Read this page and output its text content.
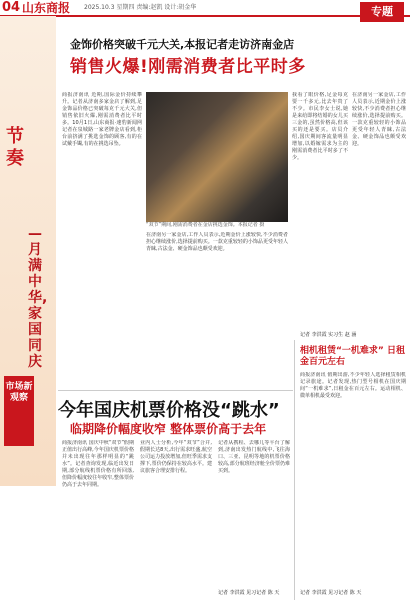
04 山东商报 2025.10.3 星期四 责编:赵凯 设计:胡金华	专题
节 奏
—月满中华,家国同庆
市场新观察
金饰价格突破千元大关,本报记者走访济南金店
销售火爆!刚需消费者比平时多
商报济南讯 近期,国际金价持续攀升。记者从济南多家金店了解到,足金饰品价格已突破每克千元大关,但销售依旧火爆,刚需消费者比平时多。10月1日,山东商报·速豹新闻网记者在泉城路一家老牌金店看到,柜台前挤满了挑选金饰的顾客,有的在试戴手镯,有的在挑选吊坠。
我看了眼价格,足金每克要一千多元,比去年贵了不少。市民李女士说,她是来给即将结婚的女儿买三金的,虽然价格高,但该买的还是要买。店员介绍,国庆期间客流量明显增加,以婚嫁需求为主的刚需消费者比平时多了不少。
在济南另一家金店,工作人员表示,近期金价上涨较快,不少消费者担心继续涨价,选择提前购买。一款克重较轻的小饰品更受年轻人青睐,古法金、硬金饰品也颇受欢迎。
“双节”期间,刚需消费者在金店挑选金饰。本报记者 摄
在济南另一家金店,工作人员表示,近期金价上涨较快,不少消费者担心继续涨价,选择提前购买。一款克重较轻的小饰品更受年轻人青睐,古法金、硬金饰品也颇受欢迎。
记者 李洪霞 实习生 赵 涵
今年国庆机票价格没“跳水”
临期降价幅度收窄 整体票价高于去年
商报济南讯 国庆中秋“双节”假期正值出行高峰,今年国庆机票价格并未出现往年那样明显的“跳水”。记者查询发现,临近出发日期,部分航线机票价格有所回落,但降价幅度较往年收窄,整体票价仍高于去年同期。
业内人士分析,今年“双节”合并,假期长达8天,出行需求旺盛,航空公司运力投放增加,但旺季需求支撑下,票价仍保持在较高水平。建议旅客合理安排行程。
记者从携程、去哪儿等平台了解到,济南出发热门航线中,飞往海口、三亚、昆明等地的机票价格较高,部分航班经济舱全价票仍难买到。
记者 李洪霞 见习记者 陈 天
相机租赁“一机难求” 日租金百元左右
商报济南讯 假期出游,不少年轻人选择租赁相机记录旅途。记者发现,热门型号相机在国庆期间“一机难求”,日租金在百元左右。运动相机、微单相机最受欢迎。
记者 李洪霞 见习记者 陈 天
